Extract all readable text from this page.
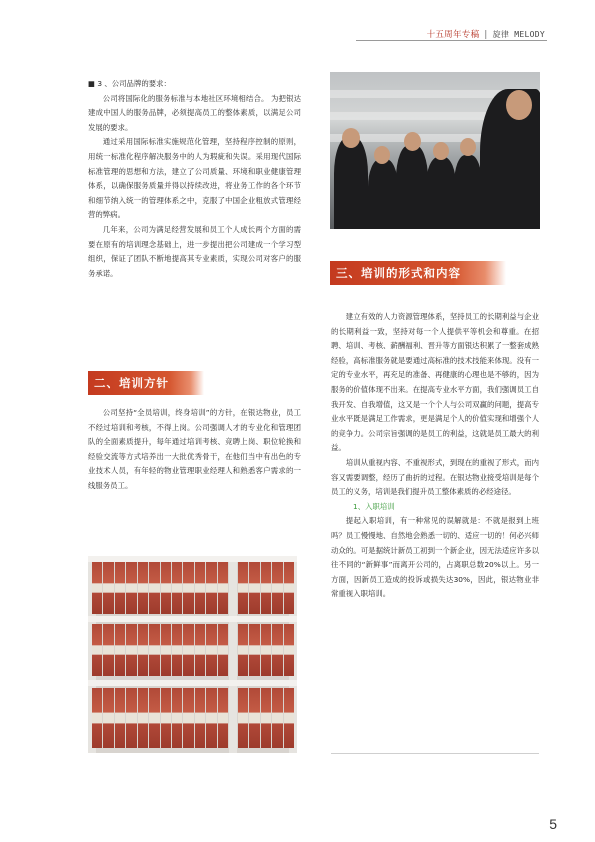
十五周年专稿 | 旋律 MELODY

■ 3 、公司品牌的要求：

公司将国际化的服务标准与本地社区环境相结合。 为把银达建成中国人的服务品牌，必须提高员工的整体素质，以满足公司发展的要求。

通过采用国际标准实施规范化管理，坚持程序控制的原则，用统一标准化程序解决服务中的人为瑕疵和失误。采用现代国际标准管理的思想和方法，建立了公司质量、环境和职业健康管理体系，以确保服务质量并得以持续改进，将业务工作的各个环节和细节纳入统一的管理体系之中，克服了中国企业粗放式管理经营的弊病。

几年来，公司为满足经营发展和员工个人成长两个方面的需要在原有的培训理念基础上，进一步提出把公司建成一个学习型组织，保证了团队不断地提高其专业素质，实现公司对客户的服务承诺。

二、培训方针

公司坚持“全员培训，终身培训”的方针，在银达物业，员工不经过培训和考核，不得上岗。公司强调人才的专业化和管理团队的全面素质提升，每年通过培训考核、竞聘上岗、职位轮换和经验交流等方式培养出一大批优秀骨干，在他们当中有出色的专业技术人员，有年轻的物业管理职业经理人和熟悉客户需求的一线服务员工。

三、培训的形式和内容

建立有效的人力资源管理体系，坚持员工的长期利益与企业的长期利益一致，坚持对每一个人提供平等机会和尊重。在招聘、培训、考核、薪酬福利、晋升等方面银达积累了一整套成熟经验，高标准服务就是要通过高标准的技术技能来体现。没有一定的专业水平，再充足的准备、再健康的心理也是不够的，因为服务的价值体现不出来。在提高专业水平方面，我们强调员工自我开发、自我增值，这又是一个个人与公司双赢的问题，提高专业水平既是满足工作需求，更是满足个人的价值实现和增强个人的竞争力。公司宗旨强调的是员工的利益，这就是员工最大的利益。

培训从重视内容、不重视形式，到现在的重视了形式，而内容又需要调整，经历了曲折的过程。在银达物业接受培训是每个员工的义务，培训是我们提升员工整体素质的必经途径。

1、入职培训

提起入职培训，有一种常见的误解就是：不就是报到上班吗？员工慢慢地、自然地会熟悉一切的、适应一切的！何必兴师动众的。可是据统计新员工初到一个新企业，因无法适应许多以往不同的“新鲜事”而离开公司的，占离职总数20%以上。另一方面，因新员工造成的投诉或损失达30%，因此，银达物业非常重视入职培训。

5
